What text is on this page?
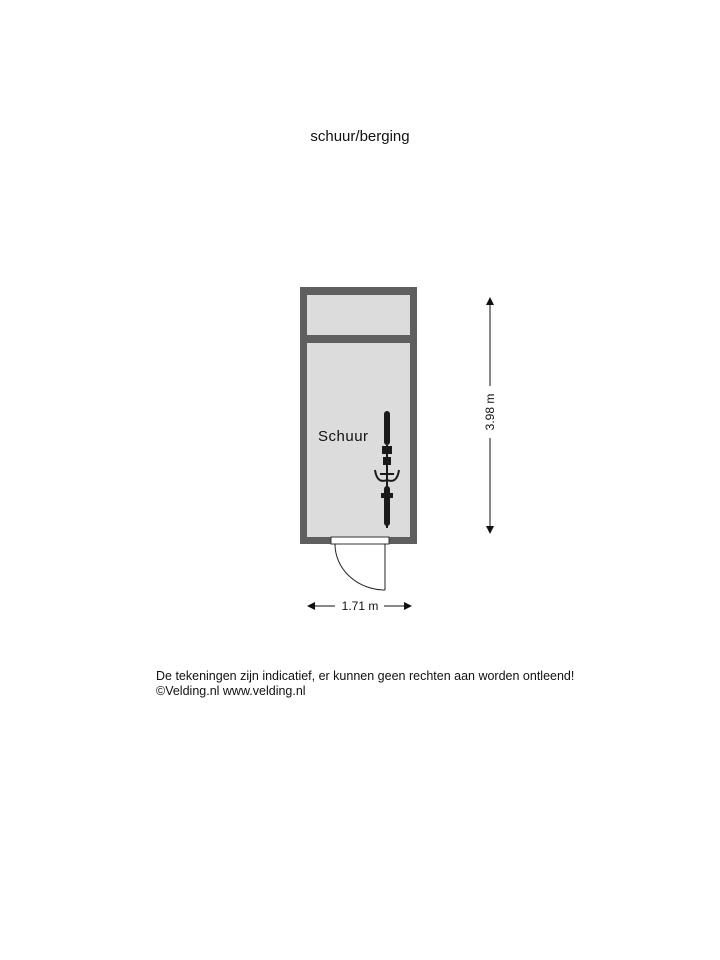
schuur/berging
Schuur
3.98 m
1.71 m
De tekeningen zijn indicatief, er kunnen geen rechten aan worden ontleend!
©Velding.nl www.velding.nl
